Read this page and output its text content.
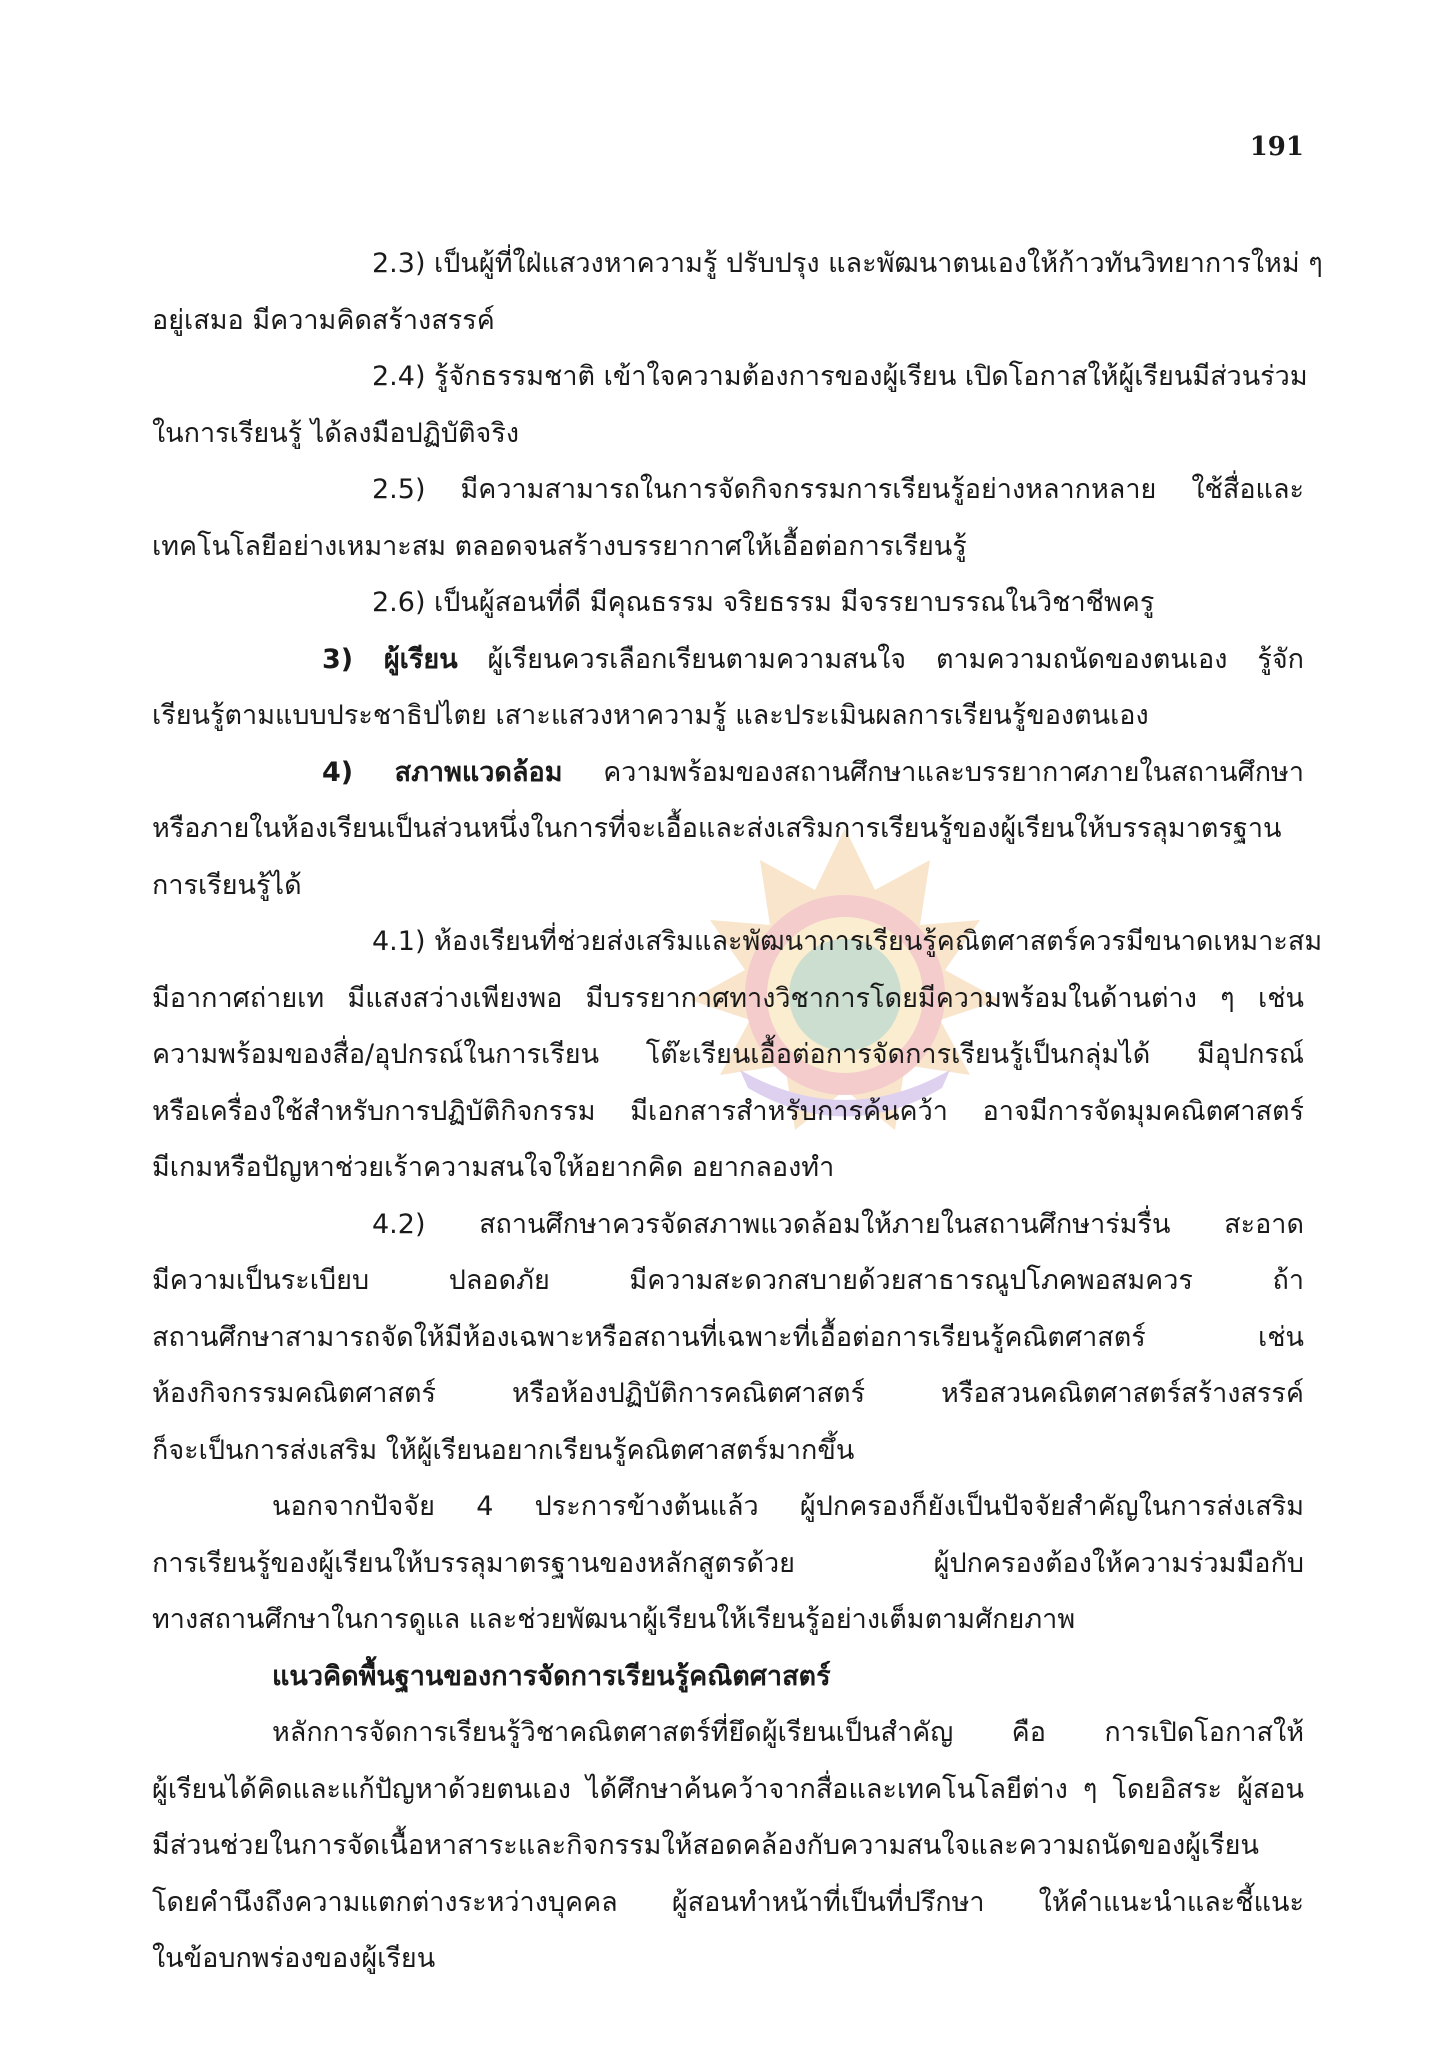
191
2.3) เป็นผู้ที่ใฝ่แสวงหาความรู้ ปรับปรุง และพัฒนาตนเองให้ก้าวทันวิทยาการใหม่ ๆ
อยู่เสมอ มีความคิดสร้างสรรค์
2.4) รู้จักธรรมชาติ เข้าใจความต้องการของผู้เรียน เปิดโอกาสให้ผู้เรียนมีส่วนร่วม
ในการเรียนรู้ ได้ลงมือปฏิบัติจริง
2.5) มีความสามารถในการจัดกิจกรรมการเรียนรู้อย่างหลากหลาย ใช้สื่อและ
เทคโนโลยีอย่างเหมาะสม ตลอดจนสร้างบรรยากาศให้เอื้อต่อการเรียนรู้
2.6) เป็นผู้สอนที่ดี มีคุณธรรม จริยธรรม มีจรรยาบรรณในวิชาชีพครู
3) ผู้เรียน ผู้เรียนควรเลือกเรียนตามความสนใจ ตามความถนัดของตนเอง รู้จัก
เรียนรู้ตามแบบประชาธิปไตย เสาะแสวงหาความรู้ และประเมินผลการเรียนรู้ของตนเอง
4) สภาพแวดล้อม ความพร้อมของสถานศึกษาและบรรยากาศภายในสถานศึกษา
หรือภายในห้องเรียนเป็นส่วนหนึ่งในการที่จะเอื้อและส่งเสริมการเรียนรู้ของผู้เรียนให้บรรลุมาตรฐาน
การเรียนรู้ได้
4.1) ห้องเรียนที่ช่วยส่งเสริมและพัฒนาการเรียนรู้คณิตศาสตร์ควรมีขนาดเหมาะสม
มีอากาศถ่ายเท มีแสงสว่างเพียงพอ มีบรรยากาศทางวิชาการโดยมีความพร้อมในด้านต่าง ๆ เช่น
ความพร้อมของสื่อ/อุปกรณ์ในการเรียน โต๊ะเรียนเอื้อต่อการจัดการเรียนรู้เป็นกลุ่มได้ มีอุปกรณ์
หรือเครื่องใช้สำหรับการปฏิบัติกิจกรรม มีเอกสารสำหรับการค้นคว้า อาจมีการจัดมุมคณิตศาสตร์
มีเกมหรือปัญหาช่วยเร้าความสนใจให้อยากคิด อยากลองทำ
4.2) สถานศึกษาควรจัดสภาพแวดล้อมให้ภายในสถานศึกษาร่มรื่น สะอาด
มีความเป็นระเบียบ ปลอดภัย มีความสะดวกสบายด้วยสาธารณูปโภคพอสมควร ถ้า
สถานศึกษาสามารถจัดให้มีห้องเฉพาะหรือสถานที่เฉพาะที่เอื้อต่อการเรียนรู้คณิตศาสตร์ เช่น
ห้องกิจกรรมคณิตศาสตร์ หรือห้องปฏิบัติการคณิตศาสตร์ หรือสวนคณิตศาสตร์สร้างสรรค์
ก็จะเป็นการส่งเสริม ให้ผู้เรียนอยากเรียนรู้คณิตศาสตร์มากขึ้น
นอกจากปัจจัย 4 ประการข้างต้นแล้ว ผู้ปกครองก็ยังเป็นปัจจัยสำคัญในการส่งเสริม
การเรียนรู้ของผู้เรียนให้บรรลุมาตรฐานของหลักสูตรด้วย ผู้ปกครองต้องให้ความร่วมมือกับ
ทางสถานศึกษาในการดูแล และช่วยพัฒนาผู้เรียนให้เรียนรู้อย่างเต็มตามศักยภาพ
แนวคิดพื้นฐานของการจัดการเรียนรู้คณิตศาสตร์
หลักการจัดการเรียนรู้วิชาคณิตศาสตร์ที่ยึดผู้เรียนเป็นสำคัญ คือ การเปิดโอกาสให้
ผู้เรียนได้คิดและแก้ปัญหาด้วยตนเอง ได้ศึกษาค้นคว้าจากสื่อและเทคโนโลยีต่าง ๆ โดยอิสระ ผู้สอน
มีส่วนช่วยในการจัดเนื้อหาสาระและกิจกรรมให้สอดคล้องกับความสนใจและความถนัดของผู้เรียน
โดยคำนึงถึงความแตกต่างระหว่างบุคคล ผู้สอนทำหน้าที่เป็นที่ปรึกษา ให้คำแนะนำและชี้แนะ
ในข้อบกพร่องของผู้เรียน
